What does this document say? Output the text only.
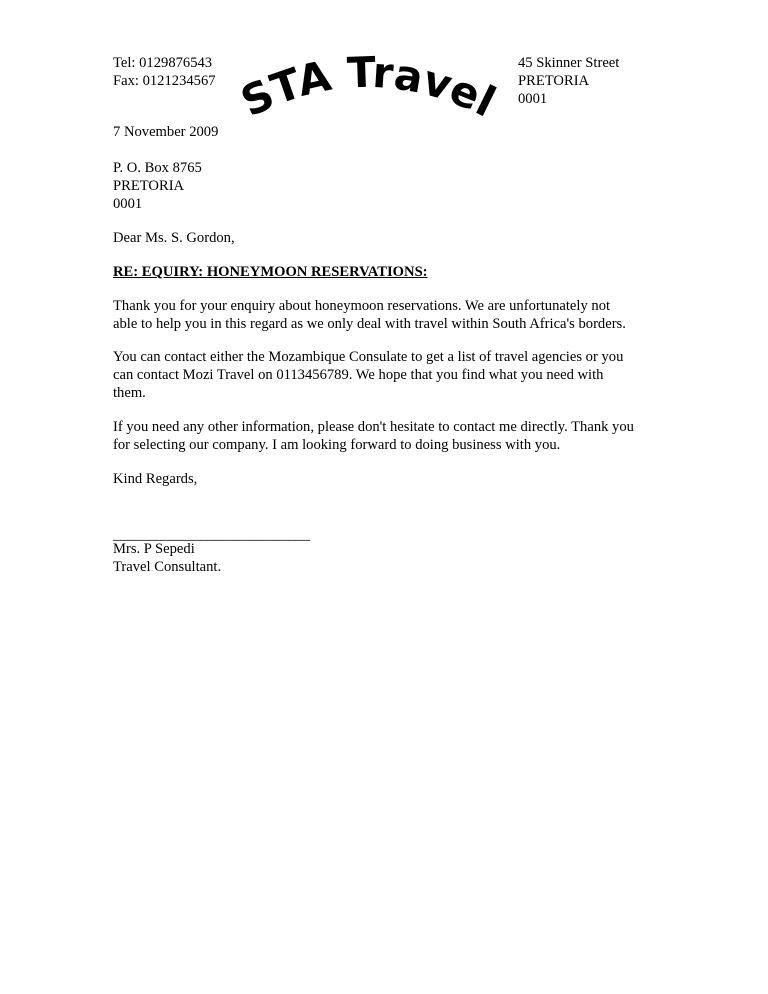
Tel: 0129876543
Fax: 0121234567
45 Skinner Street
PRETORIA
0001
STA Travel
7 November 2009
P. O. Box 8765
PRETORIA
0001
Dear Ms. S. Gordon,
RE: EQUIRY: HONEYMOON RESERVATIONS:
Thank you for your enquiry about honeymoon reservations. We are unfortunately not
able to help you in this regard as we only deal with travel within South Africa's borders.
You can contact either the Mozambique Consulate to get a list of travel agencies or you
can contact Mozi Travel on 0113456789. We hope that you find what you need with
them.
If you need any other information, please don't hesitate to contact me directly. Thank you
for selecting our company. I am looking forward to doing business with you.
Kind Regards,
___________________________
Mrs. P Sepedi
Travel Consultant.
